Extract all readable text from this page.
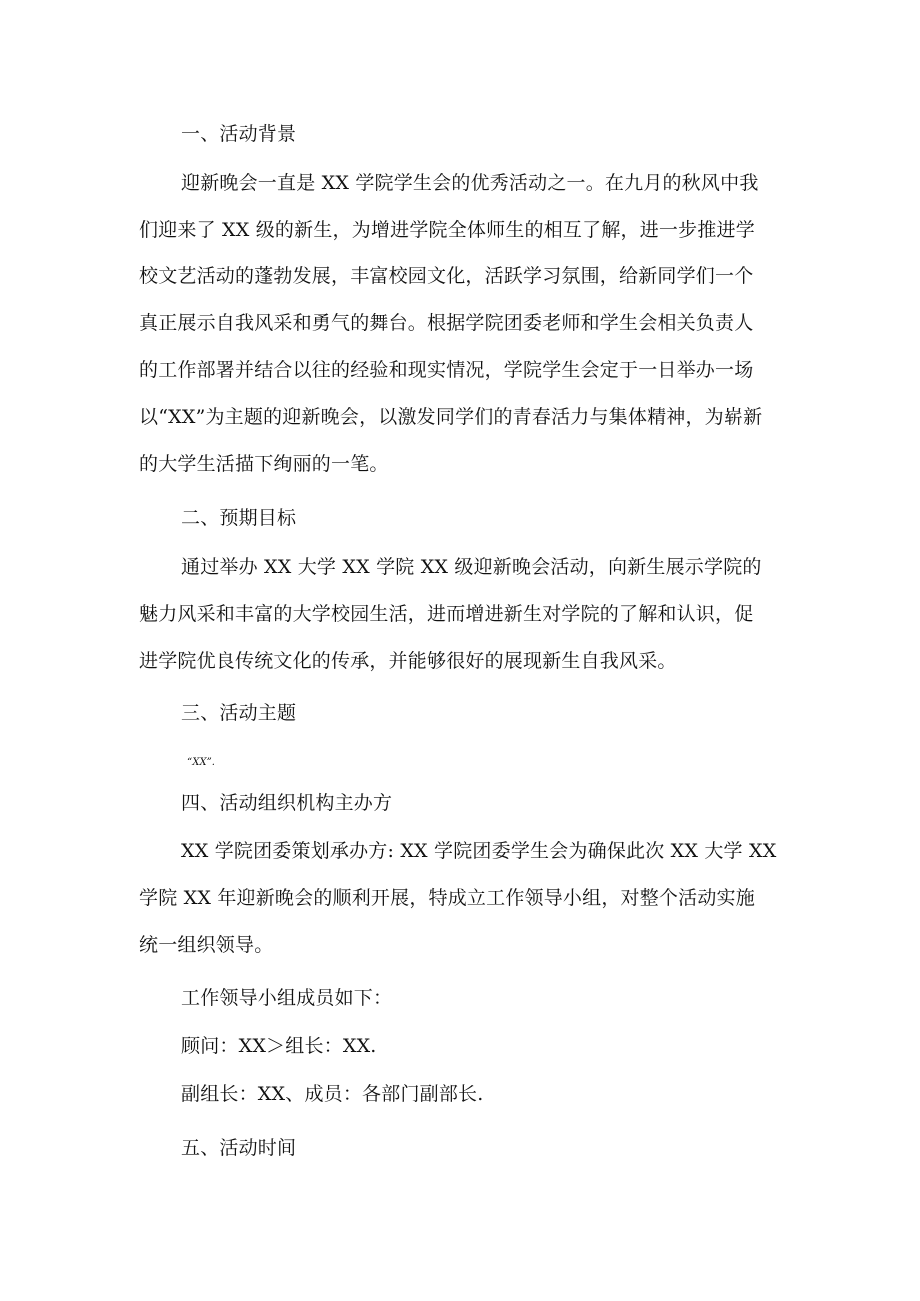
一、活动背景
迎新晚会一直是 XX 学院学生会的优秀活动之一。在九月的秋风中我
们迎来了 XX 级的新生，为增进学院全体师生的相互了解，进一步推进学
校文艺活动的蓬勃发展，丰富校园文化，活跃学习氛围，给新同学们一个
真正展示自我风采和勇气的舞台。根据学院团委老师和学生会相关负责人
的工作部署并结合以往的经验和现实情况，学院学生会定于一日举办一场
以“XX”为主题的迎新晚会，以激发同学们的青春活力与集体精神，为崭新
的大学生活描下绚丽的一笔。
二、预期目标
通过举办 XX 大学 XX 学院 XX 级迎新晚会活动，向新生展示学院的
魅力风采和丰富的大学校园生活，进而增进新生对学院的了解和认识，促
进学院优良传统文化的传承，并能够很好的展现新生自我风采。
三、活动主题
“XX”.
四、活动组织机构主办方
XX 学院团委策划承办方: XX 学院团委学生会为确保此次 XX 大学 XX
学院 XX 年迎新晚会的顺利开展，特成立工作领导小组，对整个活动实施
统一组织领导。
工作领导小组成员如下：
顾问：XX＞组长：XX.
副组长：XX、成员：各部门副部长.
五、活动时间
